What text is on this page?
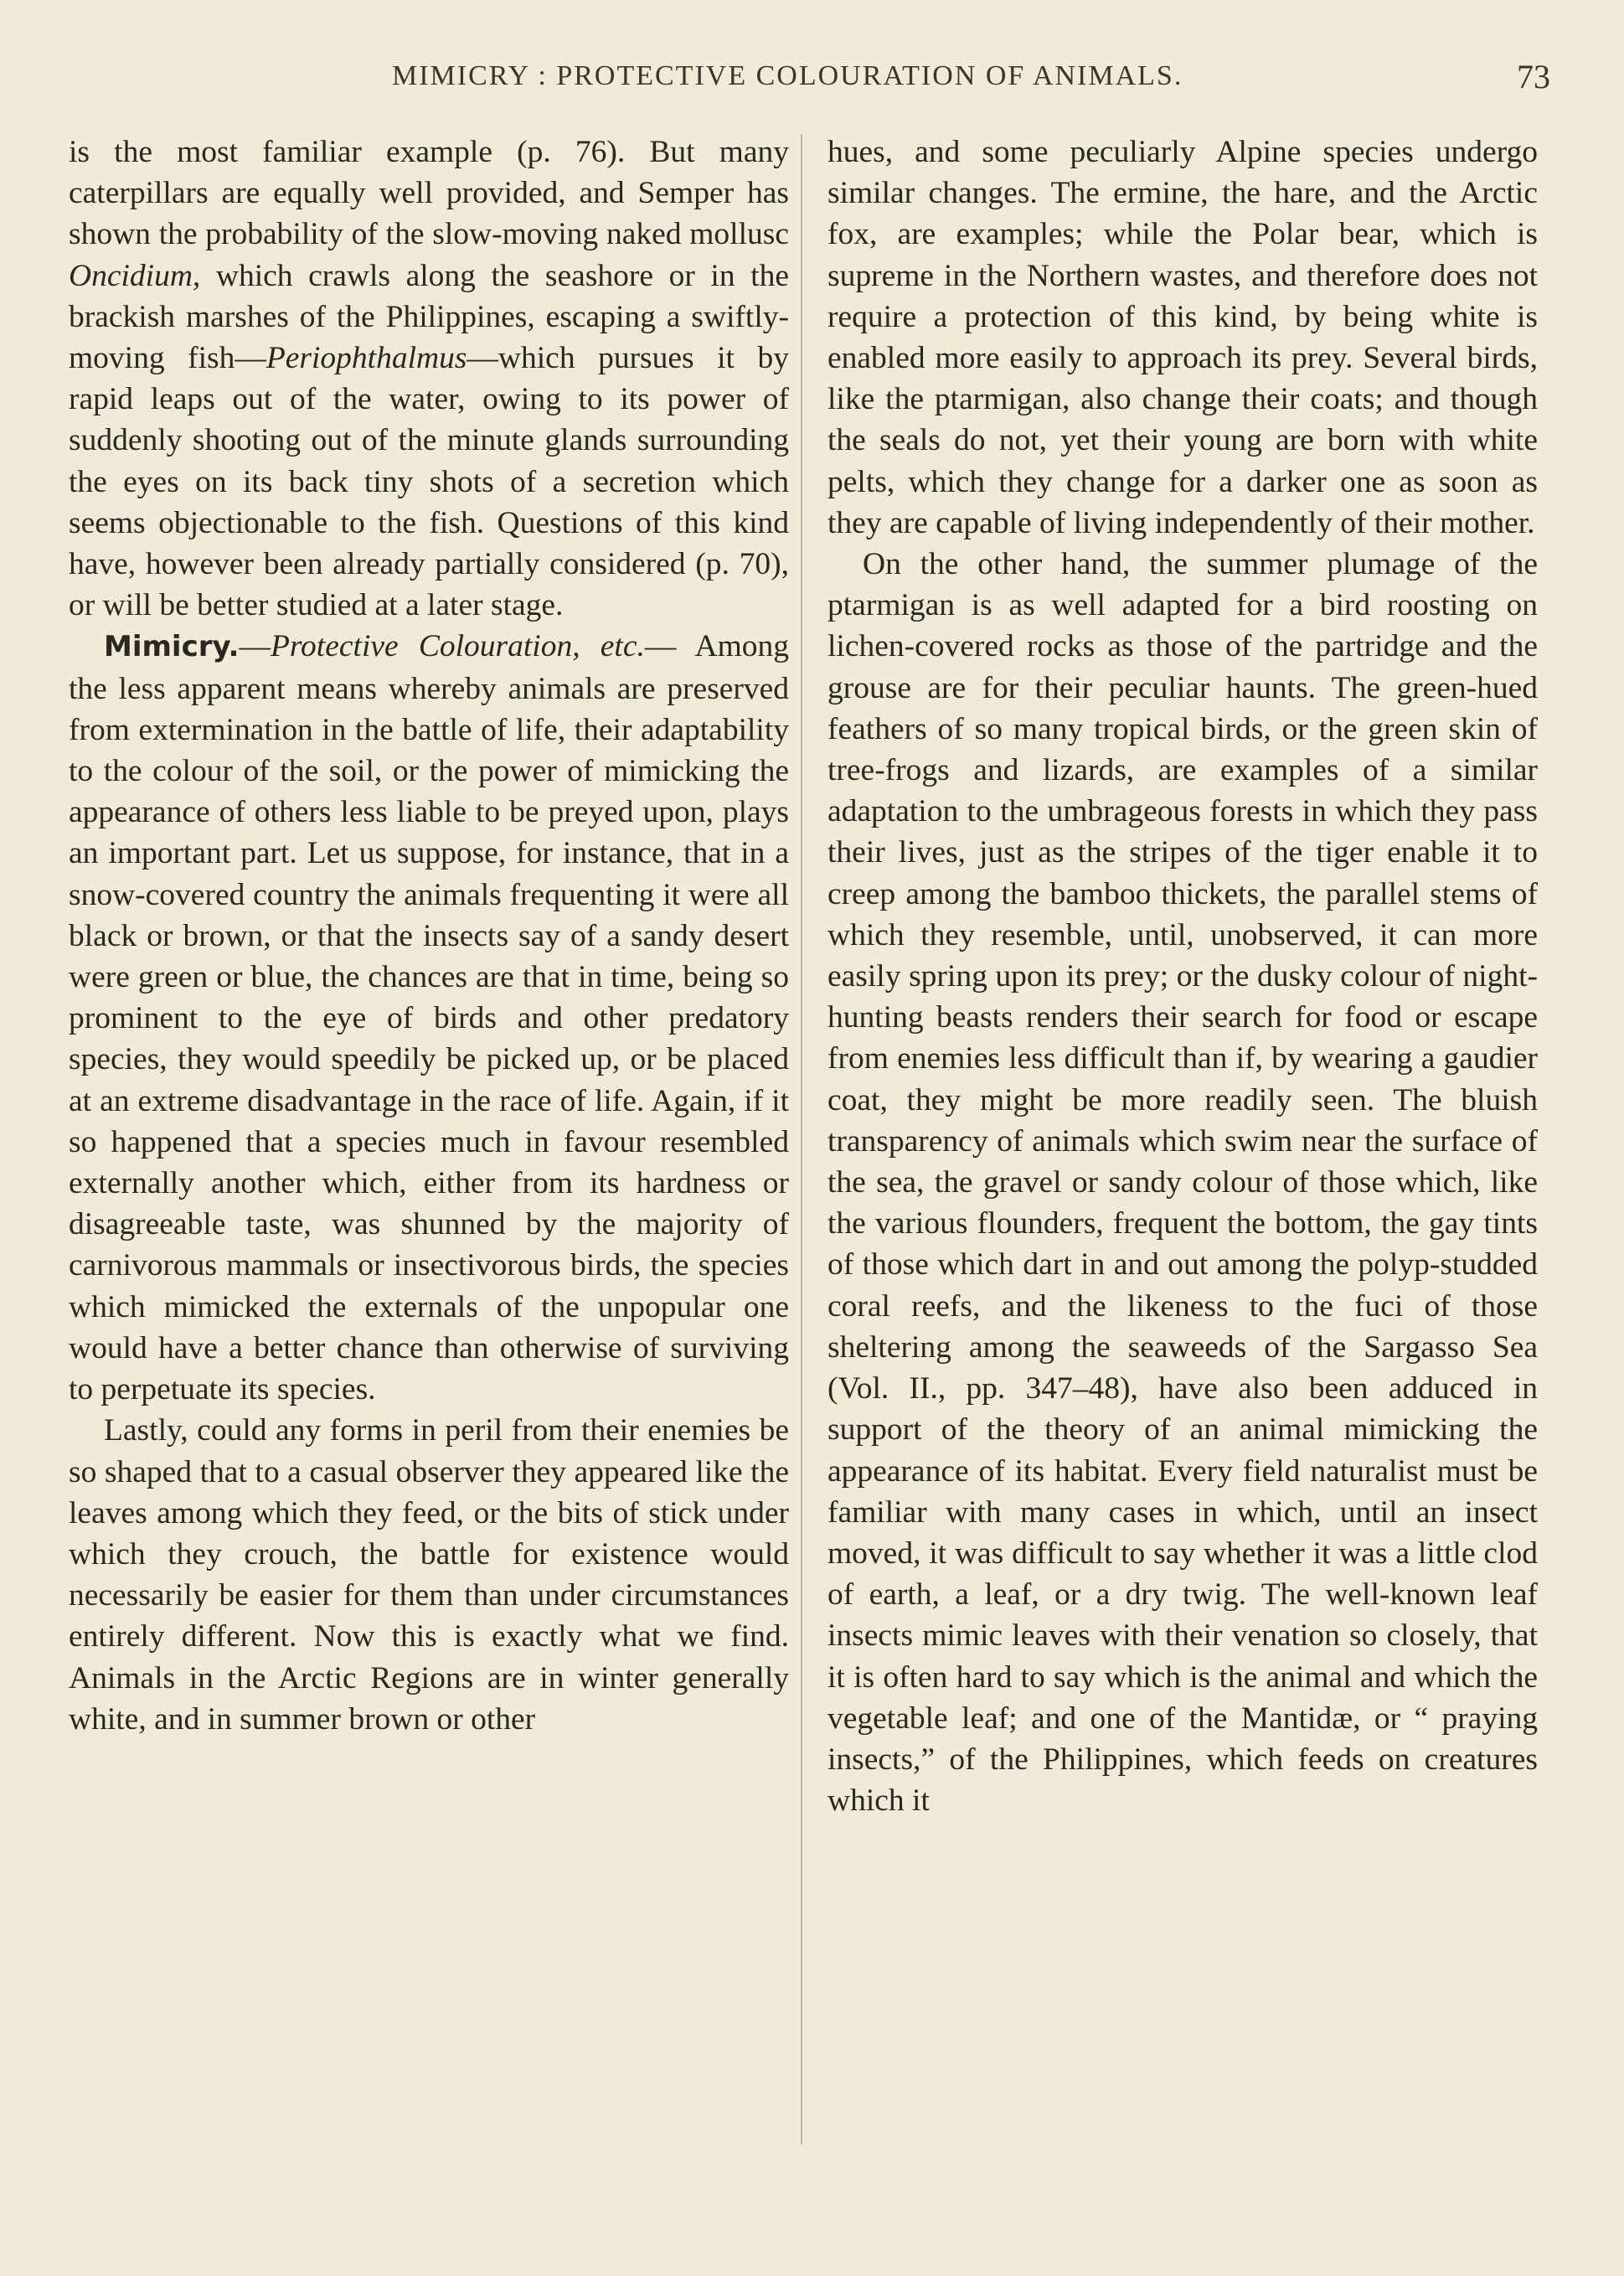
MIMICRY : PROTECTIVE COLOURATION OF ANIMALS.	73

is the most familiar example (p. 76). But many caterpillars are equally well provided, and Semper has shown the probability of the slow-moving naked mollusc Oncidium, which crawls along the seashore or in the brackish marshes of the Philippines, escaping a swiftly-moving fish—Periophthalmus—which pursues it by rapid leaps out of the water, owing to its power of suddenly shooting out of the minute glands surrounding the eyes on its back tiny shots of a secretion which seems objectionable to the fish. Questions of this kind have, however been already partially considered (p. 70), or will be better studied at a later stage.

Mimicry.—Protective Colouration, etc.— Among the less apparent means whereby animals are preserved from extermination in the battle of life, their adaptability to the colour of the soil, or the power of mimicking the appearance of others less liable to be preyed upon, plays an important part. Let us suppose, for instance, that in a snow-covered country the animals frequenting it were all black or brown, or that the insects say of a sandy desert were green or blue, the chances are that in time, being so prominent to the eye of birds and other predatory species, they would speedily be picked up, or be placed at an extreme disadvantage in the race of life. Again, if it so happened that a species much in favour resembled externally another which, either from its hardness or disagreeable taste, was shunned by the majority of carnivorous mammals or insectivorous birds, the species which mimicked the externals of the unpopular one would have a better chance than otherwise of surviving to perpetuate its species.

Lastly, could any forms in peril from their enemies be so shaped that to a casual observer they appeared like the leaves among which they feed, or the bits of stick under which they crouch, the battle for existence would necessarily be easier for them than under circumstances entirely different. Now this is exactly what we find. Animals in the Arctic Regions are in winter generally white, and in summer brown or other

hues, and some peculiarly Alpine species undergo similar changes. The ermine, the hare, and the Arctic fox, are examples; while the Polar bear, which is supreme in the Northern wastes, and therefore does not require a protection of this kind, by being white is enabled more easily to approach its prey. Several birds, like the ptarmigan, also change their coats; and though the seals do not, yet their young are born with white pelts, which they change for a darker one as soon as they are capable of living independently of their mother.

On the other hand, the summer plumage of the ptarmigan is as well adapted for a bird roosting on lichen-covered rocks as those of the partridge and the grouse are for their peculiar haunts. The green-hued feathers of so many tropical birds, or the green skin of tree-frogs and lizards, are examples of a similar adaptation to the umbrageous forests in which they pass their lives, just as the stripes of the tiger enable it to creep among the bamboo thickets, the parallel stems of which they resemble, until, unobserved, it can more easily spring upon its prey; or the dusky colour of night-hunting beasts renders their search for food or escape from enemies less difficult than if, by wearing a gaudier coat, they might be more readily seen. The bluish transparency of animals which swim near the surface of the sea, the gravel or sandy colour of those which, like the various flounders, frequent the bottom, the gay tints of those which dart in and out among the polyp-studded coral reefs, and the likeness to the fuci of those sheltering among the seaweeds of the Sargasso Sea (Vol. II., pp. 347–48), have also been adduced in support of the theory of an animal mimicking the appearance of its habitat. Every field naturalist must be familiar with many cases in which, until an insect moved, it was difficult to say whether it was a little clod of earth, a leaf, or a dry twig. The well-known leaf insects mimic leaves with their venation so closely, that it is often hard to say which is the animal and which the vegetable leaf; and one of the Mantidæ, or “ praying insects,” of the Philippines, which feeds on creatures which it
